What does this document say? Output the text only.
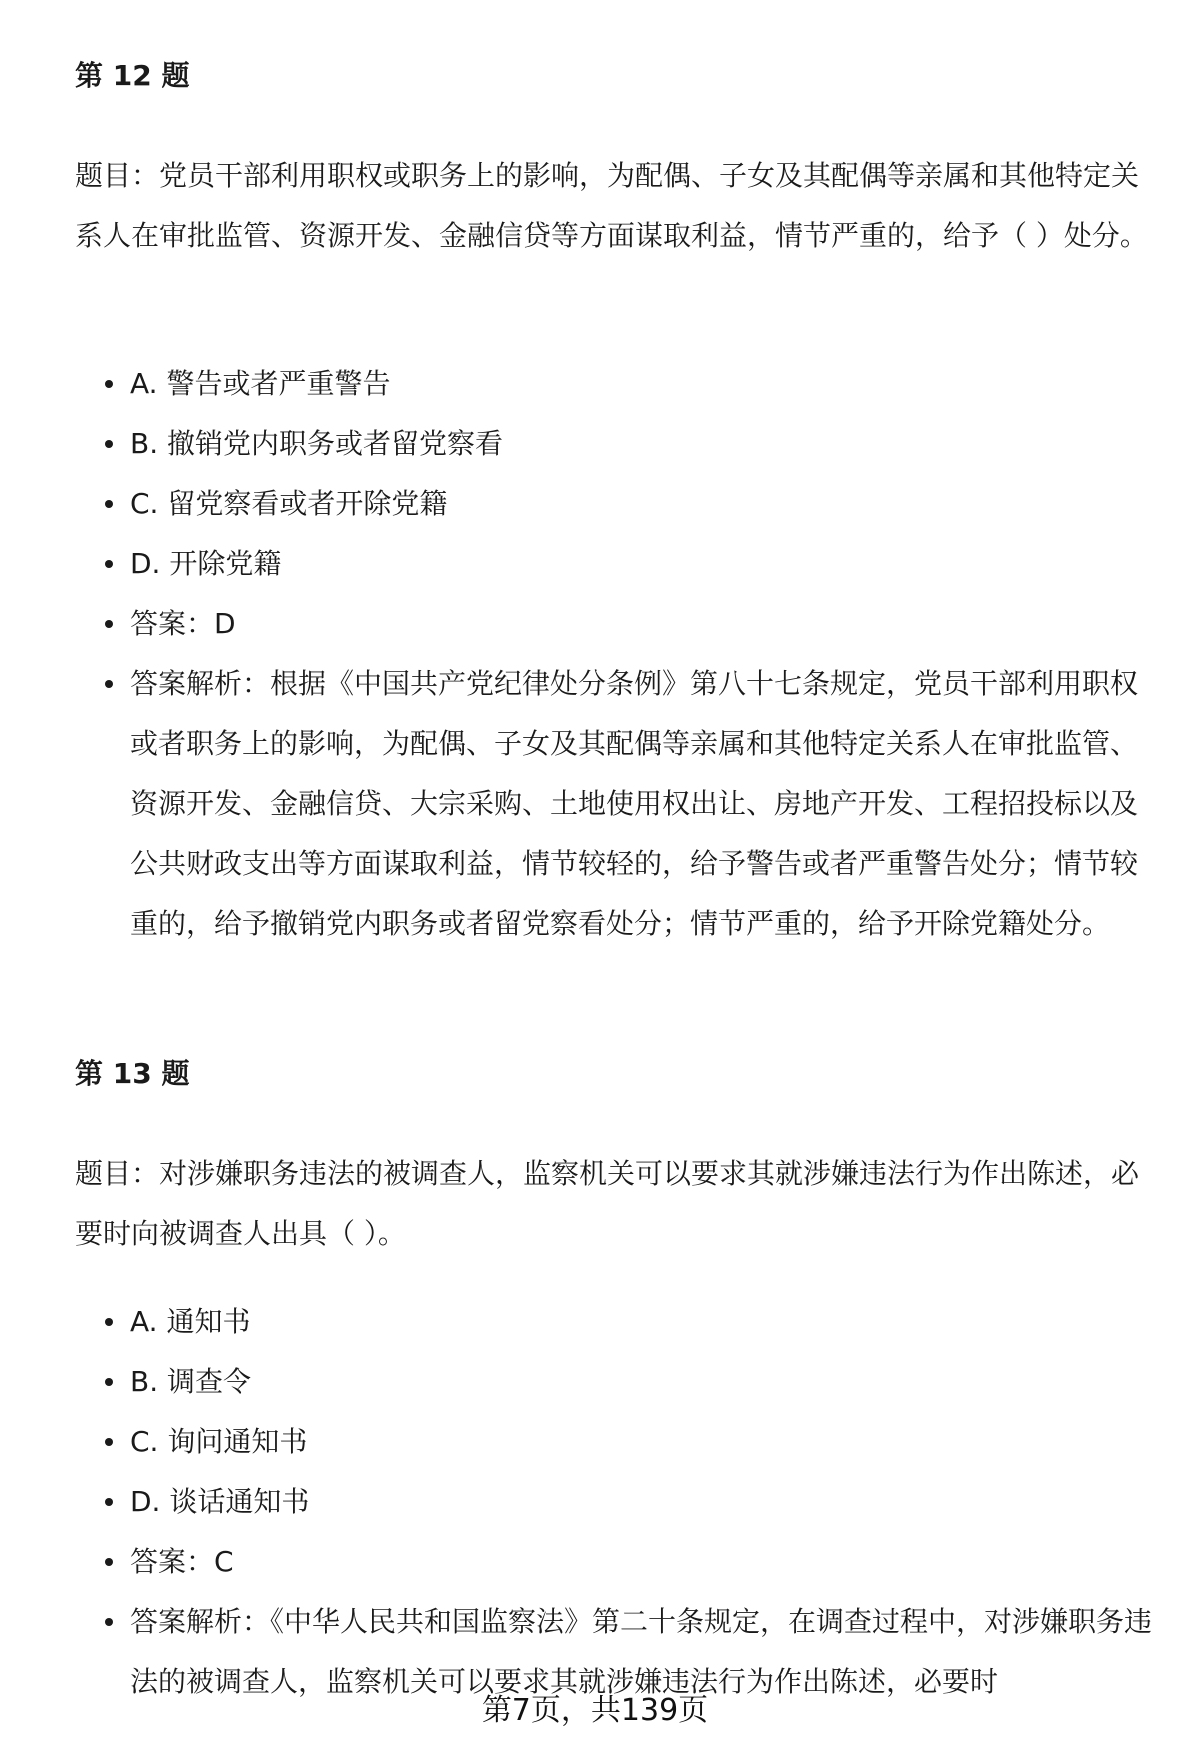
第 12 题

题目：党员干部利用职权或职务上的影响，为配偶、子女及其配偶等亲属和其他特定关系人在审批监管、资源开发、金融信贷等方面谋取利益，情节严重的，给予（ ）处分。

A. 警告或者严重警告
B. 撤销党内职务或者留党察看
C. 留党察看或者开除党籍
D. 开除党籍
答案：D
答案解析：根据《中国共产党纪律处分条例》第八十七条规定，党员干部利用职权或者职务上的影响，为配偶、子女及其配偶等亲属和其他特定关系人在审批监管、资源开发、金融信贷、大宗采购、土地使用权出让、房地产开发、工程招投标以及公共财政支出等方面谋取利益，情节较轻的，给予警告或者严重警告处分；情节较重的，给予撤销党内职务或者留党察看处分；情节严重的，给予开除党籍处分。
第 13 题

题目：对涉嫌职务违法的被调查人，监察机关可以要求其就涉嫌违法行为作出陈述，必要时向被调查人出具（ ）。

A. 通知书
B. 调查令
C. 询问通知书
D. 谈话通知书
答案：C
答案解析：《中华人民共和国监察法》第二十条规定，在调查过程中，对涉嫌职务违法的被调查人，监察机关可以要求其就涉嫌违法行为作出陈述，必要时
第7页，共139页
